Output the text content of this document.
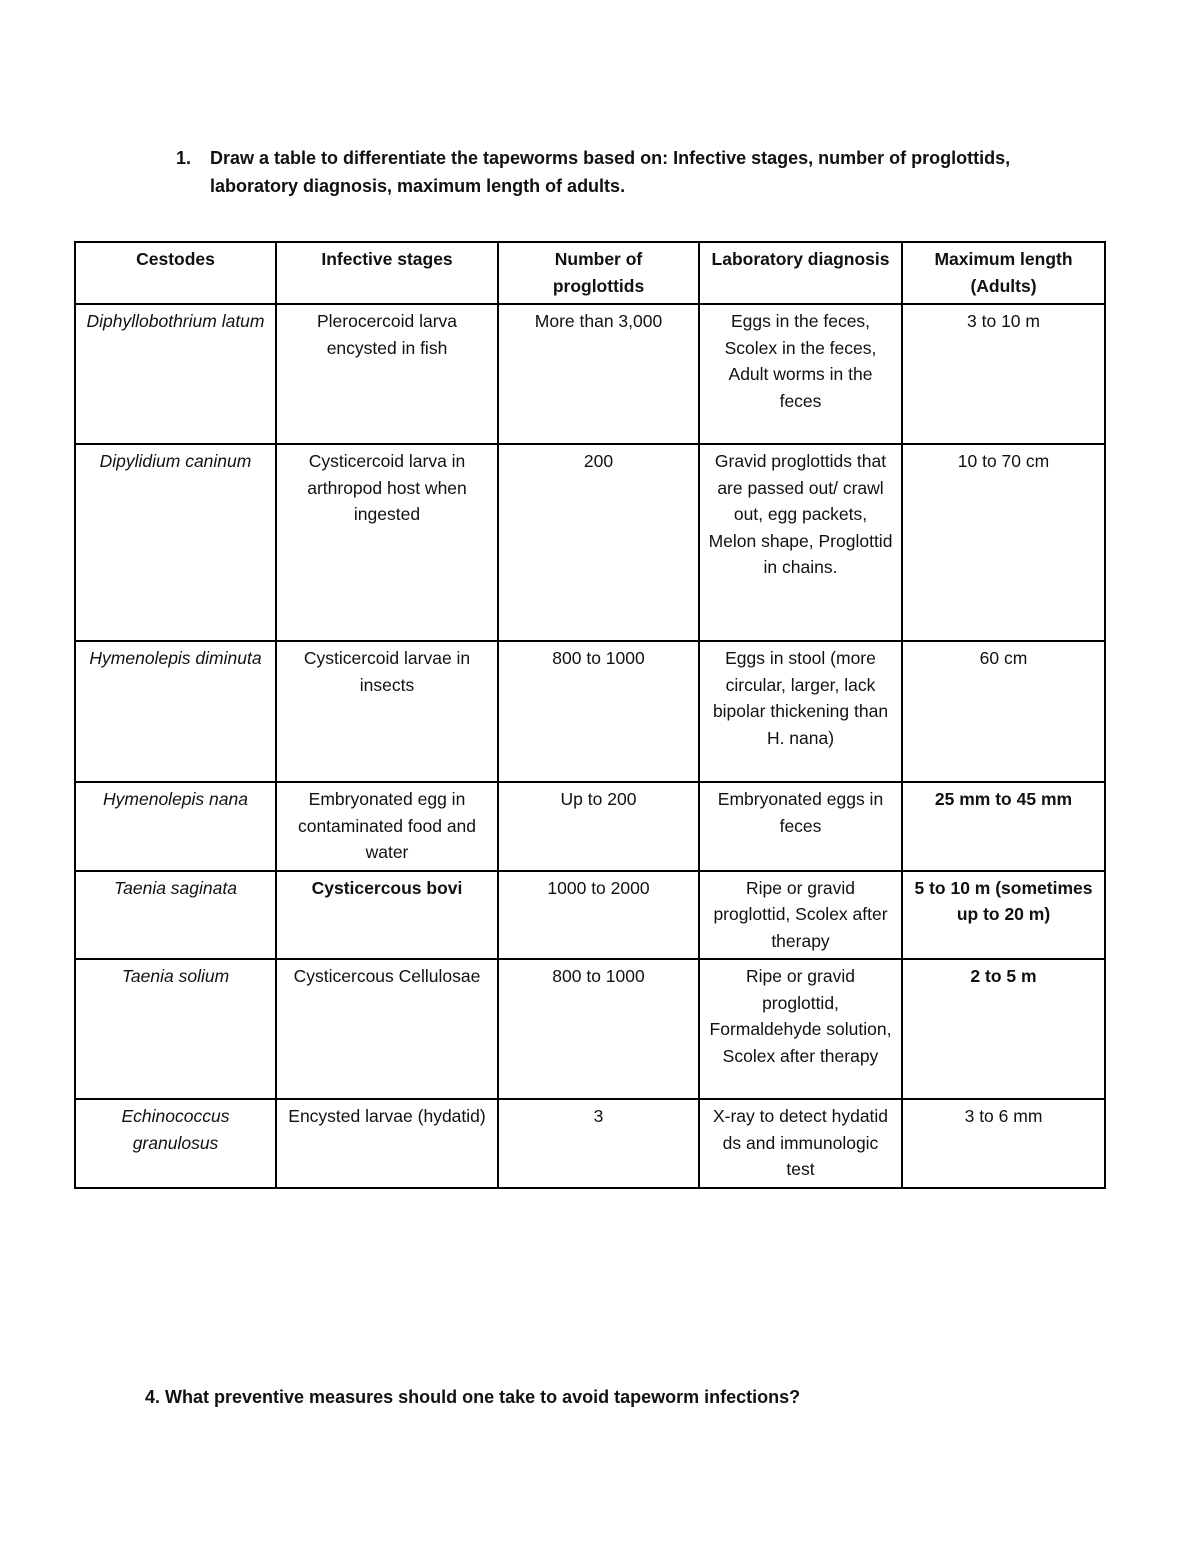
1. Draw a table to differentiate the tapeworms based on: Infective stages, number of proglottids, laboratory diagnosis, maximum length of adults.
Cestodes	Infective stages	Number of proglottids	Laboratory diagnosis	Maximum length (Adults)
Diphyllobothrium latum	Plerocercoid larva encysted in fish	More than 3,000	Eggs in the feces, Scolex in the feces, Adult worms in the feces	3 to 10 m
Dipylidium caninum	Cysticercoid larva in arthropod host when ingested	200	Gravid proglottids that are passed out/ crawl out, egg packets, Melon shape, Proglottid in chains.	10 to 70 cm
Hymenolepis diminuta	Cysticercoid larvae in insects	800 to 1000	Eggs in stool (more circular, larger, lack bipolar thickening than H. nana)	60 cm
Hymenolepis nana	Embryonated egg in contaminated food and water	Up to 200	Embryonated eggs in feces	25 mm to 45 mm
Taenia saginata	Cysticercous bovi	1000 to 2000	Ripe or gravid proglottid, Scolex after therapy	5 to 10 m (sometimes up to 20 m)
Taenia solium	Cysticercous Cellulosae	800 to 1000	Ripe or gravid proglottid, Formaldehyde solution, Scolex after therapy	2 to 5 m
Echinococcus granulosus	Encysted larvae (hydatid)	3	X-ray to detect hydatid ds and immunologic test	3 to 6 mm
4. What preventive measures should one take to avoid tapeworm infections?
